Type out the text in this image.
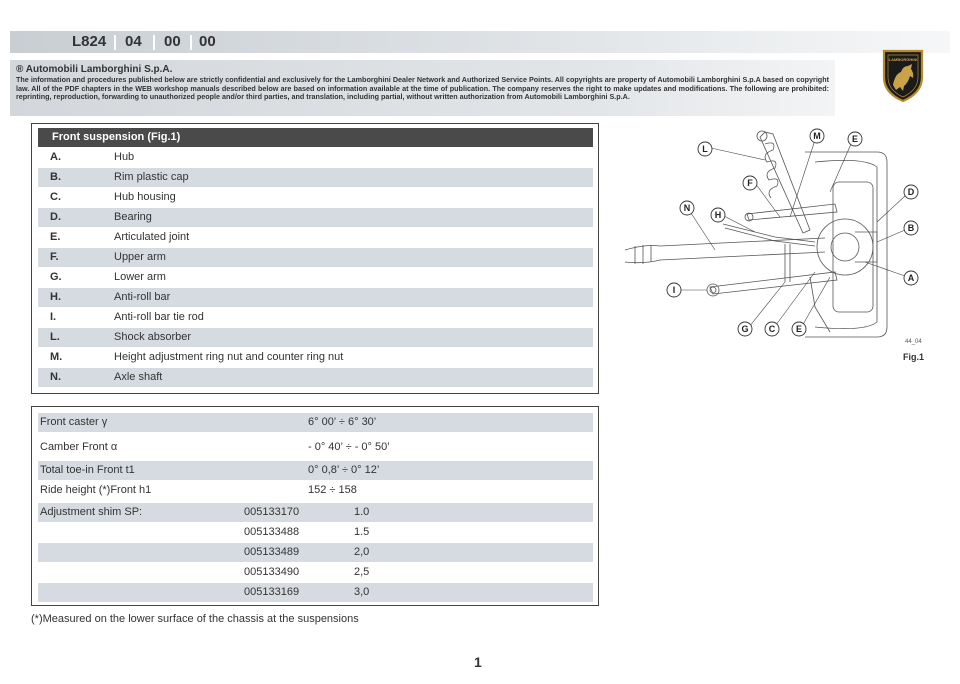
L824 04 00 00
® Automobili Lamborghini S.p.A.
The information and procedures published below are strictly confidential and exclusively for the Lamborghini Dealer Network and Authorized Service Points. All copyrights are property of Automobili Lamborghini S.p.A based on copyright law. All of the PDF chapters in the WEB workshop manuals described below are based on information available at the time of publication. The company reserves the right to make updates and modifications. The following are prohibited: reprinting, reproduction, forwarding to unauthorized people and/or third parties, and translation, including partial, without written authorization from Automobili Lamborghini S.p.A.
LAMBORGHINI
Front suspension (Fig.1)
A.	Hub
B.	Rim plastic cap
C.	Hub housing
D.	Bearing
E.	Articulated joint
F.	Upper arm
G.	Lower arm
H.	Anti-roll bar
I.	Anti-roll bar tie rod
L.	Shock absorber
M.	Height adjustment ring nut and counter ring nut
N.	Axle shaft
Front caster γ	6° 00’ ÷ 6° 30’
Camber Front α	- 0° 40’ ÷ - 0° 50’
Total toe-in Front t1	0° 0,8’ ÷ 0° 12’
Ride height (*)Front h1	152 ÷ 158
Adjustment shim SP:	005133170	1.0
005133488	1.5
005133489	2,0
005133490	2,5
005133169	3,0
(*)Measured on the lower surface of the chassis at the suspensions
1
L
M	E
F
D
N
H
B
A
I
G C E
44_04
Fig.1
